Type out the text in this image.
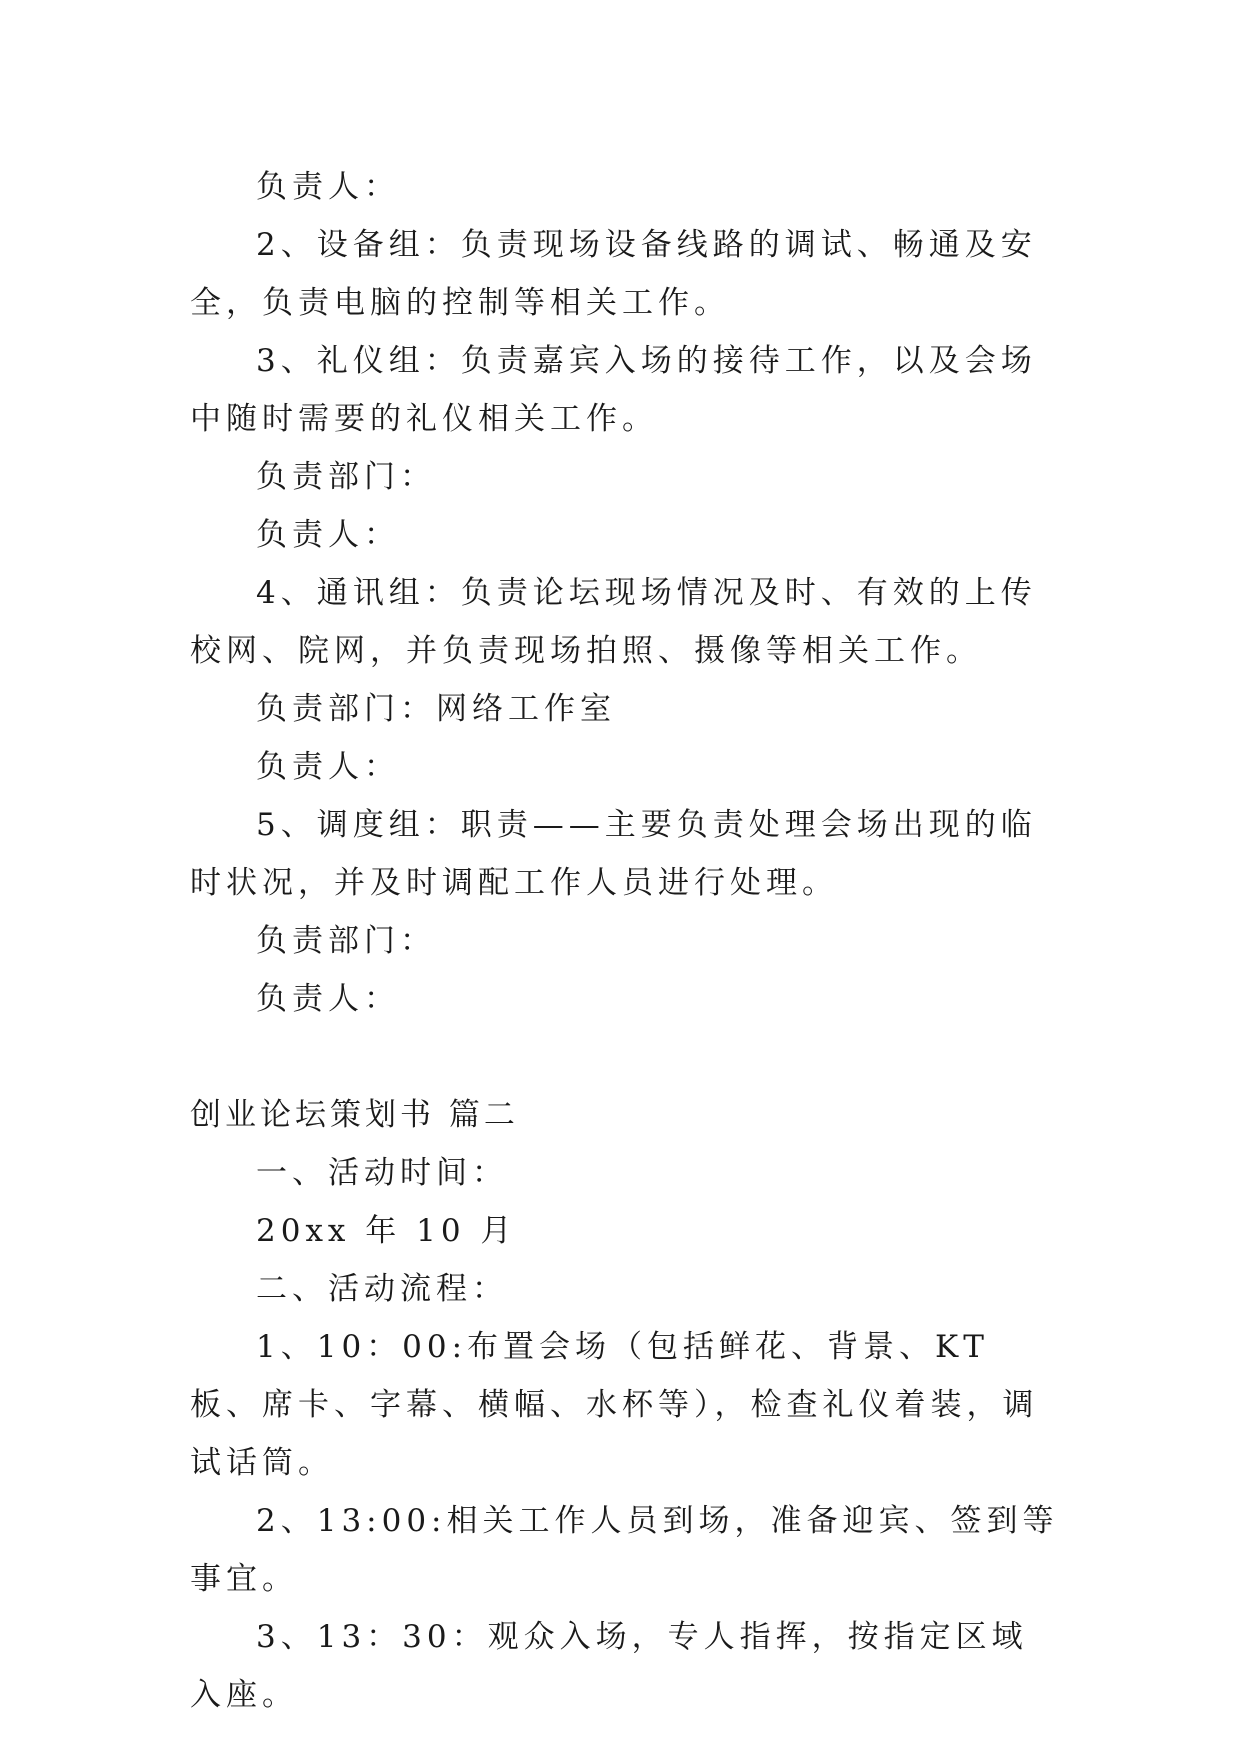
负责人：

2、设备组：负责现场设备线路的调试、畅通及安全，负责电脑的控制等相关工作。

3、礼仪组：负责嘉宾入场的接待工作，以及会场中随时需要的礼仪相关工作。

负责部门：

负责人：

4、通讯组：负责论坛现场情况及时、有效的上传校网、院网，并负责现场拍照、摄像等相关工作。

负责部门：网络工作室

负责人：

5、调度组：职责——主要负责处理会场出现的临时状况，并及时调配工作人员进行处理。

负责部门：

负责人：

创业论坛策划书 篇二

一、活动时间：

20xx 年 10 月

二、活动流程：

1、10：00:布置会场（包括鲜花、背景、KT 板、席卡、字幕、横幅、水杯等），检查礼仪着装，调试话筒。

2、13:00:相关工作人员到场，准备迎宾、签到等事宜。

3、13：30：观众入场，专人指挥，按指定区域入座。
